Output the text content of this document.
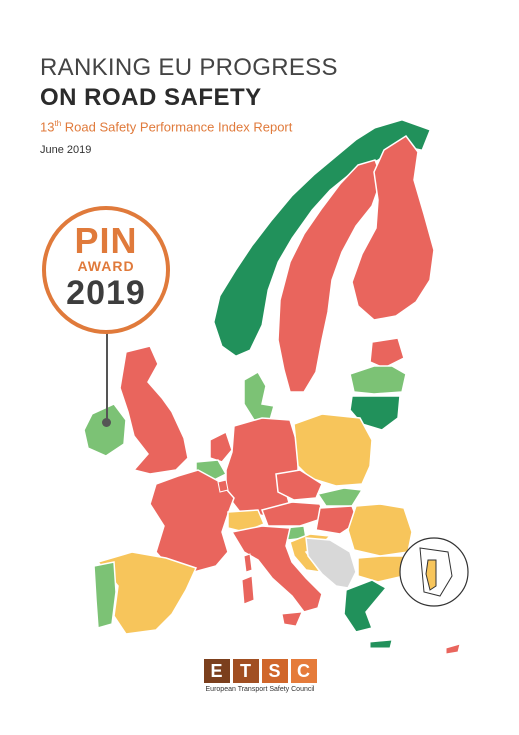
RANKING EU PROGRESS
ON ROAD SAFETY
13th Road Safety Performance Index Report
June 2019
PIN
AWARD
2019
E T S C
European Transport Safety Council
